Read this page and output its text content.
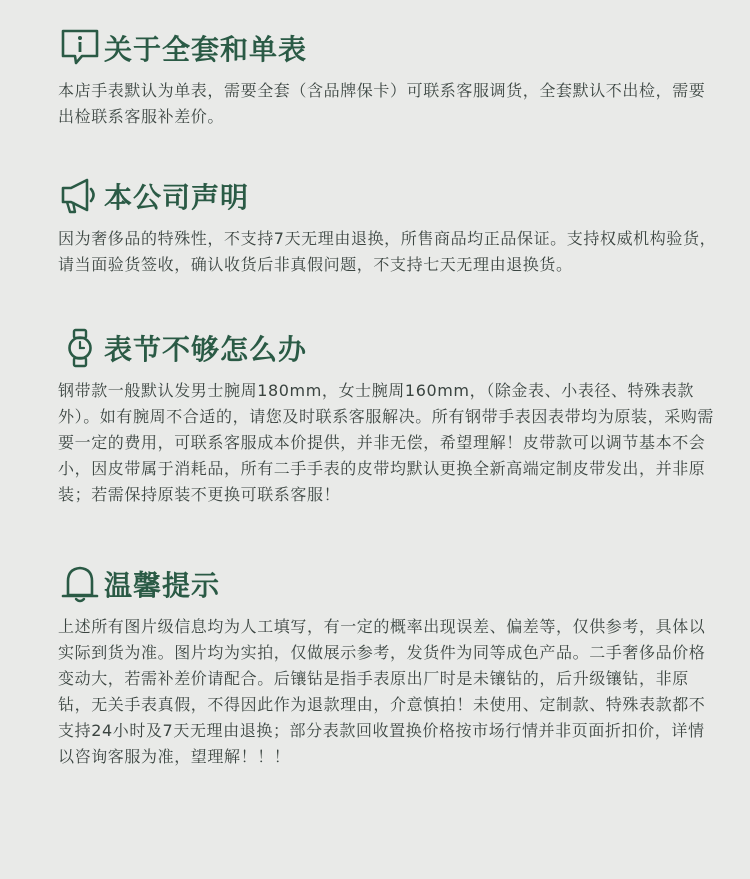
关于全套和单表
本店手表默认为单表，需要全套（含品牌保卡）可联系客服调货，全套默认不出检，需要出检联系客服补差价。
本公司声明
因为奢侈品的特殊性，不支持7天无理由退换，所售商品均正品保证。支持权威机构验货，请当面验货签收，确认收货后非真假问题，不支持七天无理由退换货。
表节不够怎么办
钢带款一般默认发男士腕周180mm，女士腕周160mm，（除金表、小表径、特殊表款外）。如有腕周不合适的，请您及时联系客服解决。所有钢带手表因表带均为原装，采购需要一定的费用，可联系客服成本价提供，并非无偿，希望理解！皮带款可以调节基本不会小，因皮带属于消耗品，所有二手手表的皮带均默认更换全新高端定制皮带发出，并非原装；若需保持原装不更换可联系客服！
温馨提示
上述所有图片级信息均为人工填写，有一定的概率出现误差、偏差等，仅供参考，具体以实际到货为准。图片均为实拍，仅做展示参考，发货件为同等成色产品。二手奢侈品价格变动大，若需补差价请配合。后镶钻是指手表原出厂时是未镶钻的，后升级镶钻，非原钻，无关手表真假，不得因此作为退款理由，介意慎拍！未使用、定制款、特殊表款都不支持24小时及7天无理由退换；部分表款回收置换价格按市场行情并非页面折扣价，详情以咨询客服为准，望理解！！！
